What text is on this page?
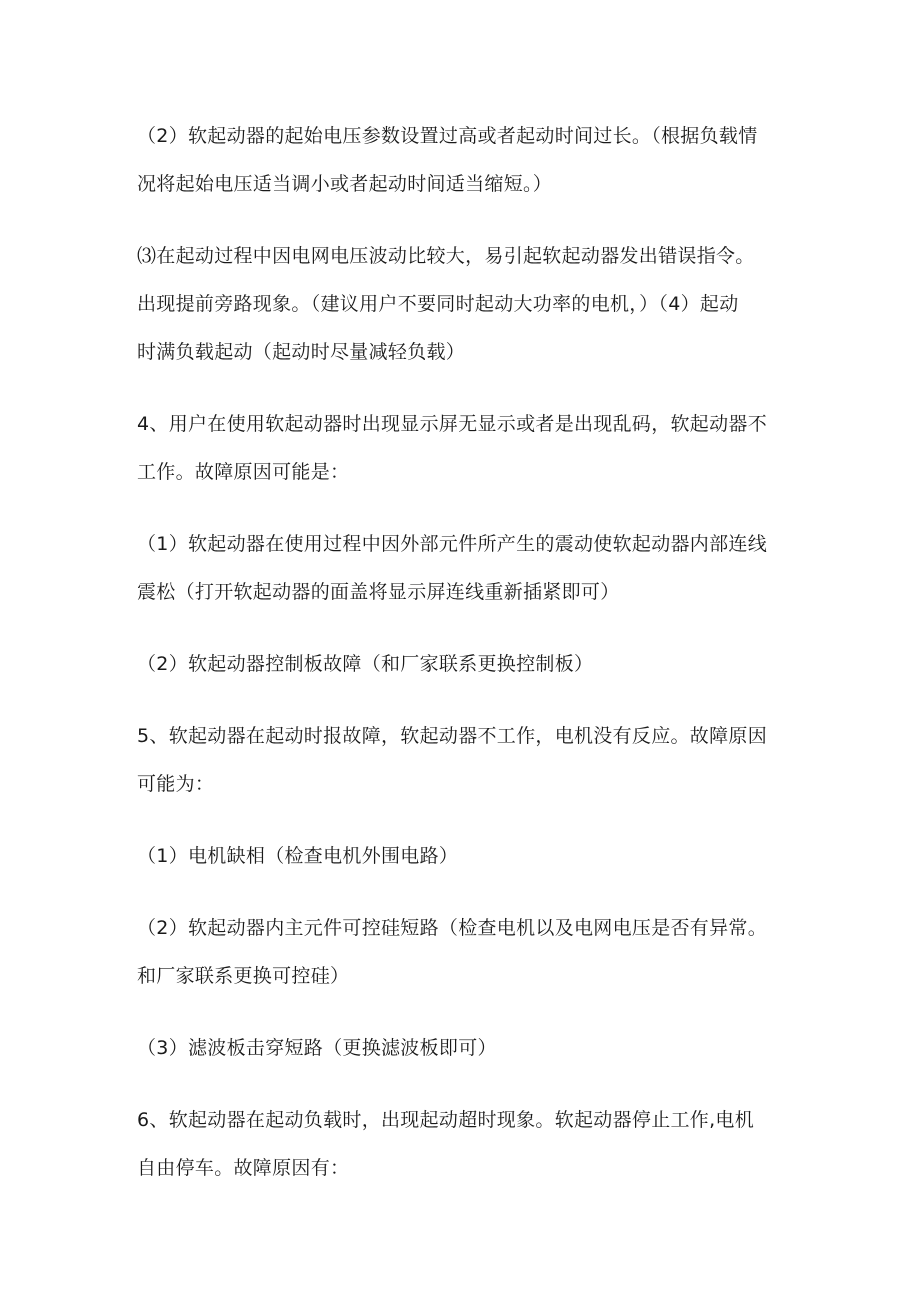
（2）软起动器的起始电压参数设置过高或者起动时间过长。（根据负载情
况将起始电压适当调小或者起动时间适当缩短。）

⑶在起动过程中因电网电压波动比较大，易引起软起动器发出错误指令。
出现提前旁路现象。（建议用户不要同时起动大功率的电机，）（4）起动
时满负载起动（起动时尽量减轻负载）

4、用户在使用软起动器时出现显示屏无显示或者是出现乱码，软起动器不
工作。故障原因可能是：

（1）软起动器在使用过程中因外部元件所产生的震动使软起动器内部连线
震松（打开软起动器的面盖将显示屏连线重新插紧即可）

（2）软起动器控制板故障（和厂家联系更换控制板）

5、软起动器在起动时报故障，软起动器不工作，电机没有反应。故障原因
可能为：

（1）电机缺相（检查电机外围电路）

（2）软起动器内主元件可控硅短路（检查电机以及电网电压是否有异常。
和厂家联系更换可控硅）

（3）滤波板击穿短路（更换滤波板即可）

6、软起动器在起动负载时，出现起动超时现象。软起动器停止工作,电机
自由停车。故障原因有：
